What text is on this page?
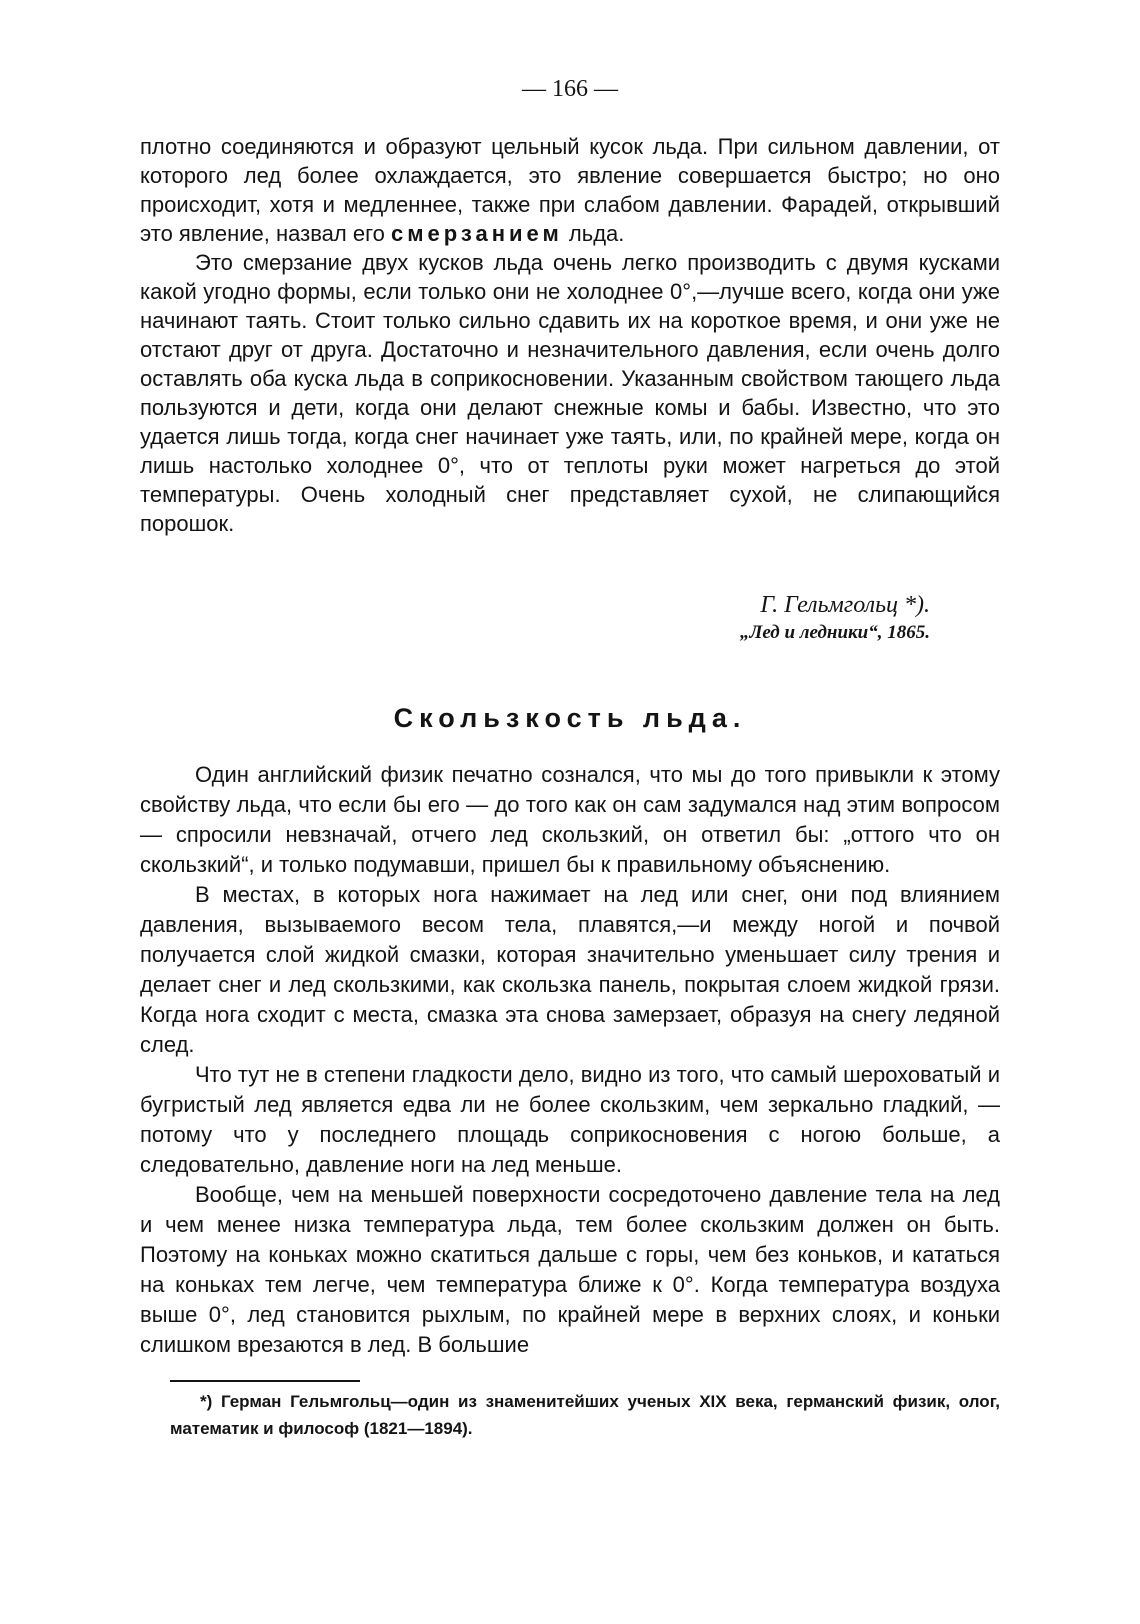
— 166 —

плотно соединяются и образуют цельный кусок льда. При сильном давлении, от которого лед более охлаждается, это явление совершается быстро; но оно происходит, хотя и медленнее, также при слабом давлении. Фарадей, открывший это явление, назвал его смерзанием льда.

Это смерзание двух кусков льда очень легко производить с двумя кусками какой угодно формы, если только они не холоднее 0°,—лучше всего, когда они уже начинают таять. Стоит только сильно сдавить их на короткое время, и они уже не отстают друг от друга. Достаточно и незначительного давления, если очень долго оставлять оба куска льда в соприкосновении. Указанным свойством тающего льда пользуются и дети, когда они делают снежные комы и бабы. Известно, что это удается лишь тогда, когда снег начинает уже таять, или, по крайней мере, когда он лишь настолько холоднее 0°, что от теплоты руки может нагреться до этой температуры. Очень холодный снег представляет сухой, не слипающийся порошок.

Г. Гельмгольц *).
„Лед и ледники“, 1865.
Скользкость льда.

Один английский физик печатно сознался, что мы до того привыкли к этому свойству льда, что если бы его — до того как он сам задумался над этим вопросом — спросили невзначай, отчего лед скользкий, он ответил бы: „оттого что он скользкий“, и только подумавши, пришел бы к правильному объяснению.

В местах, в которых нога нажимает на лед или снег, они под влиянием давления, вызываемого весом тела, плавятся,—и между ногой и почвой получается слой жидкой смазки, которая значительно уменьшает силу трения и делает снег и лед скользкими, как скользка панель, покрытая слоем жидкой грязи. Когда нога сходит с места, смазка эта снова замерзает, образуя на снегу ледяной след.

Что тут не в степени гладкости дело, видно из того, что самый шероховатый и бугристый лед является едва ли не более скользким, чем зеркально гладкий, — потому что у последнего площадь соприкосновения с ногою больше, а следовательно, давление ноги на лед меньше.

Вообще, чем на меньшей поверхности сосредоточено давление тела на лед и чем менее низка температура льда, тем более скользким должен он быть. Поэтому на коньках можно скатиться дальше с горы, чем без коньков, и кататься на коньках тем легче, чем температура ближе к 0°. Когда температура воздуха выше 0°, лед становится рыхлым, по крайней мере в верхних слоях, и коньки слишком врезаются в лед. В большие

*) Герман Гельмгольц—один из знаменитейших ученых XIX века, германский физик, олог, математик и философ (1821—1894).
